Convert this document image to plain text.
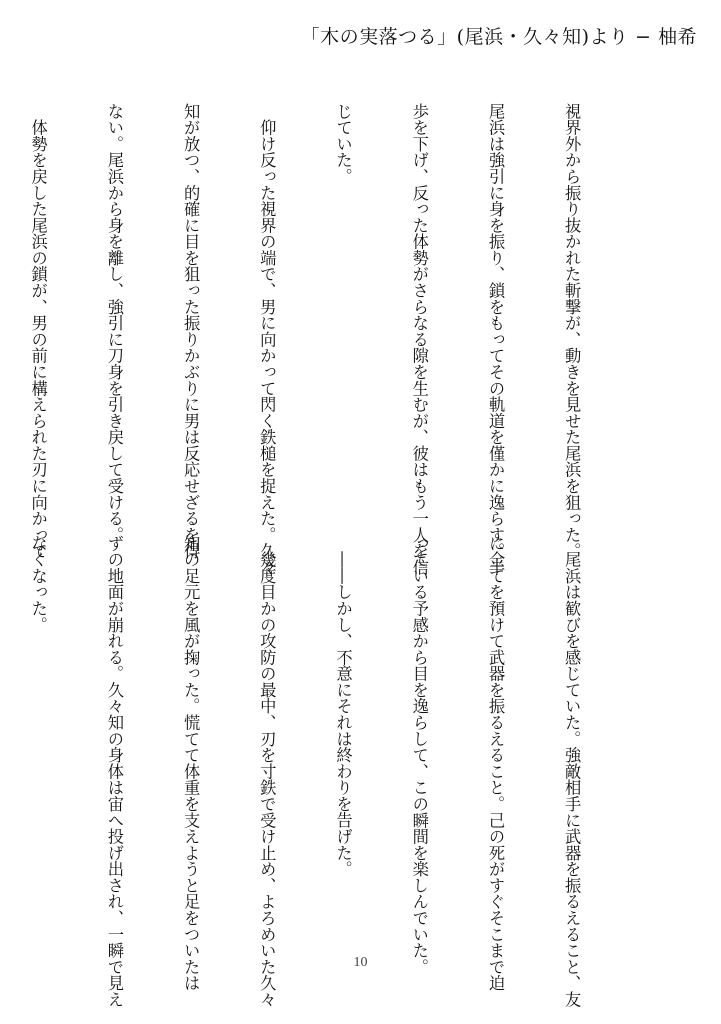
「木の実落つる」(尾浜・久々知)より − 柚希

視界外から振り抜かれた斬撃が、動きを見せた尾浜を狙った。

尾浜は強引に身を振り、鎖をもってその軌道を僅かに逸らす。半

歩を下げ、反った体勢がさらなる隙を生むが、彼はもう一人を信

じていた。

　仰け反った視界の端で、男に向かって閃く鉄槌を捉えた。久々

知が放つ、的確に目を狙った振りかぶりに男は反応せざるを得

ない。尾浜から身を離し、強引に刀身を引き戻して受ける。

　体勢を戻した尾浜の鎖が、男の前に構えられた刃に向かって

　尾浜は歓びを感じていた。強敵相手に武器を振るえること、友

に全てを預けて武器を振るえること。己の死がすぐそこまで迫

っている予感から目を逸らして、この瞬間を楽しんでいた。

　――しかし、不意にそれは終わりを告げた。

　幾度目かの攻防の最中、刃を寸鉄で受け止め、よろめいた久々

知の足元を風が掬った。慌てて体重を支えようと足をついたは

ずの地面が崩れる。久々知の身体は宙へ投げ出され、一瞬で見え

なくなった。

10
